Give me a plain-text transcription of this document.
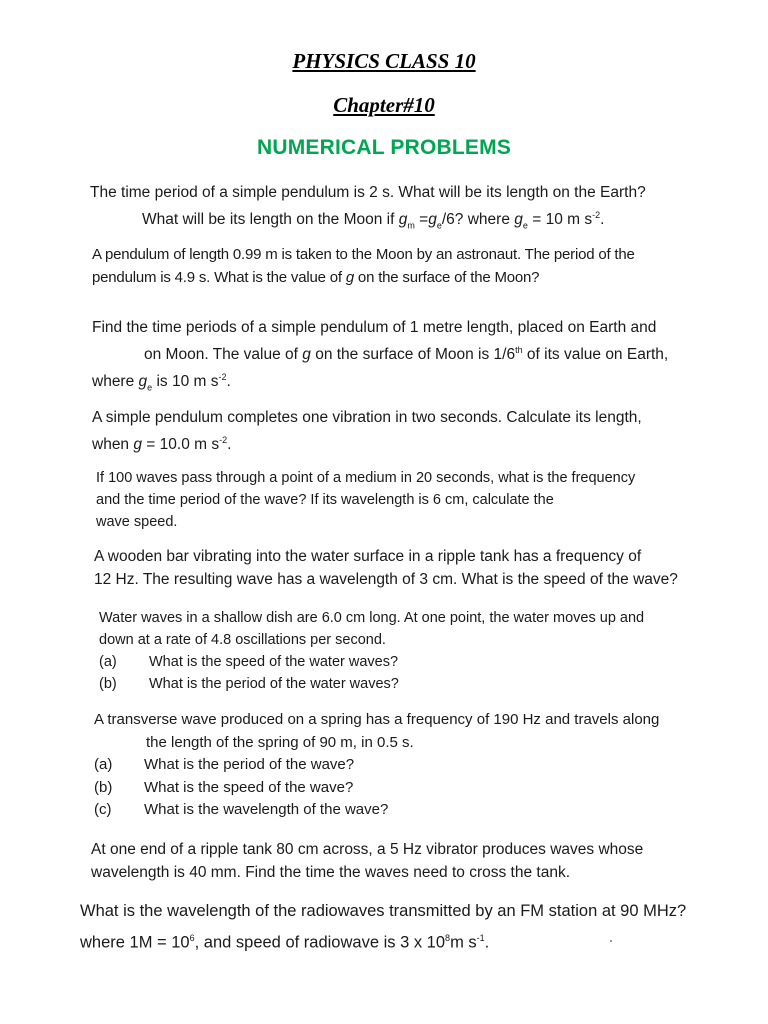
PHYSICS CLASS 10
Chapter#10
NUMERICAL PROBLEMS
The time period of a simple pendulum is 2 s. What will be its length on the Earth?
What will be its length on the Moon if $g_m =g_e/6$? where $g_e = 10$ m $s^{-2}$.
A pendulum of length 0.99 m is taken to the Moon by an astronaut. The period of the
pendulum is 4.9 s. What is the value of g on the surface of the Moon?
Find the time periods of a simple pendulum of 1 metre length, placed on Earth and
on Moon. The value of g on the surface of Moon is 1/6th of its value on Earth,
where $g_e$ is 10 m $s^{-2}$.
A simple pendulum completes one vibration in two seconds. Calculate its length,
when g = 10.0 m $s^{-2}$.
If 100 waves pass through a point of a medium in 20 seconds, what is the frequency
and the time period of the wave? If its wavelength is 6 cm, calculate the
wave speed.
A wooden bar vibrating into the water surface in a ripple tank has a frequency of
12 Hz. The resulting wave has a wavelength of 3 cm. What is the speed of the wave?
Water waves in a shallow dish are 6.0 cm long. At one point, the water moves up and
down at a rate of 4.8 oscillations per second.
(a) What is the speed of the water waves?
(b) What is the period of the water waves?
A transverse wave produced on a spring has a frequency of 190 Hz and travels along
the length of the spring of 90 m, in 0.5 s.
(a) What is the period of the wave?
(b) What is the speed of the wave?
(c) What is the wavelength of the wave?
At one end of a ripple tank 80 cm across, a 5 Hz vibrator produces waves whose
wavelength is 40 mm. Find the time the waves need to cross the tank.
What is the wavelength of the radiowaves transmitted by an FM station at 90 MHz?
where $1M = 10^6$, and speed of radiowave is 3 x $10^8m$ $s^{-1}$.
